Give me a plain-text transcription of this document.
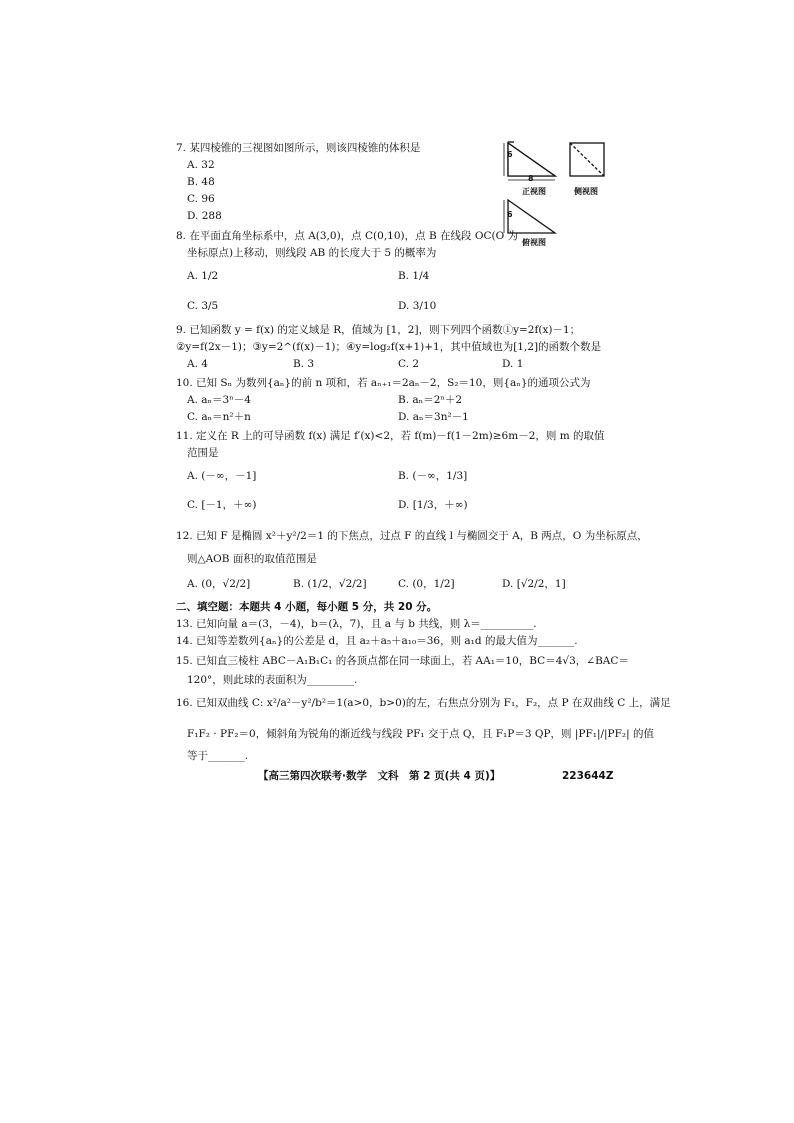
6
8
正视图	侧视图
6
俯视图
7. 某四棱锥的三视图如图所示，则该四棱锥的体积是
A. 32
B. 48
C. 96
D. 288
8. 在平面直角坐标系中，点 A(3,0)，点 C(0,10)，点 B 在线段 OC(O 为
坐标原点)上移动，则线段 AB 的长度大于 5 的概率为
A. 1/2	B. 1/4
C. 3/5	D. 3/10
9. 已知函数 y = f(x) 的定义域是 R，值域为 [1，2]，则下列四个函数①y=2f(x)－1；
②y=f(2x－1)；③y=2^(f(x)－1)；④y=log₂f(x+1)+1，其中值域也为[1,2]的函数个数是
A. 4	B. 3	C. 2	D. 1
10. 已知 Sₙ 为数列{aₙ}的前 n 项和，若 aₙ₊₁＝2aₙ－2，S₂＝10，则{aₙ}的通项公式为
A. aₙ＝3ⁿ－4	B. aₙ＝2ⁿ＋2
C. aₙ＝n²＋n	D. aₙ＝3n²－1
11. 定义在 R 上的可导函数 f(x) 满足 f′(x)<2，若 f(m)－f(1－2m)≥6m－2，则 m 的取值
范围是
A. (－∞，－1]	B. (－∞，1/3]
C. [－1，＋∞)	D. [1/3，＋∞)
12. 已知 F 是椭圆 x²＋y²/2＝1 的下焦点，过点 F 的直线 l 与椭圆交于 A，B 两点，O 为坐标原点，
则△AOB 面积的取值范围是
A. (0，√2/2]	B. (1/2，√2/2]	C. (0，1/2]	D. [√2/2，1]
二、填空题：本题共 4 小题，每小题 5 分，共 20 分。
13. 已知向量 a＝(3，－4)，b＝(λ，7)，且 a 与 b 共线，则 λ＝__________.
14. 已知等差数列{aₙ}的公差是 d，且 a₂＋a₅＋a₁₀＝36，则 a₁d 的最大值为_______.
15. 已知直三棱柱 ABC－A₁B₁C₁ 的各顶点都在同一球面上，若 AA₁＝10，BC＝4√3，∠BAC＝
120°，则此球的表面积为_________.
16. 已知双曲线 C: x²/a²－y²/b²＝1(a>0，b>0)的左，右焦点分别为 F₁，F₂，点 P 在双曲线 C 上，满足
F₁F₂ · PF₂＝0，倾斜角为锐角的渐近线与线段 PF₁ 交于点 Q，且 F₁P＝3 QP，则 |PF₁|/|PF₂| 的值
等于_______.
【高三第四次联考·数学　文科　第 2 页(共 4 页)】	223644Z
